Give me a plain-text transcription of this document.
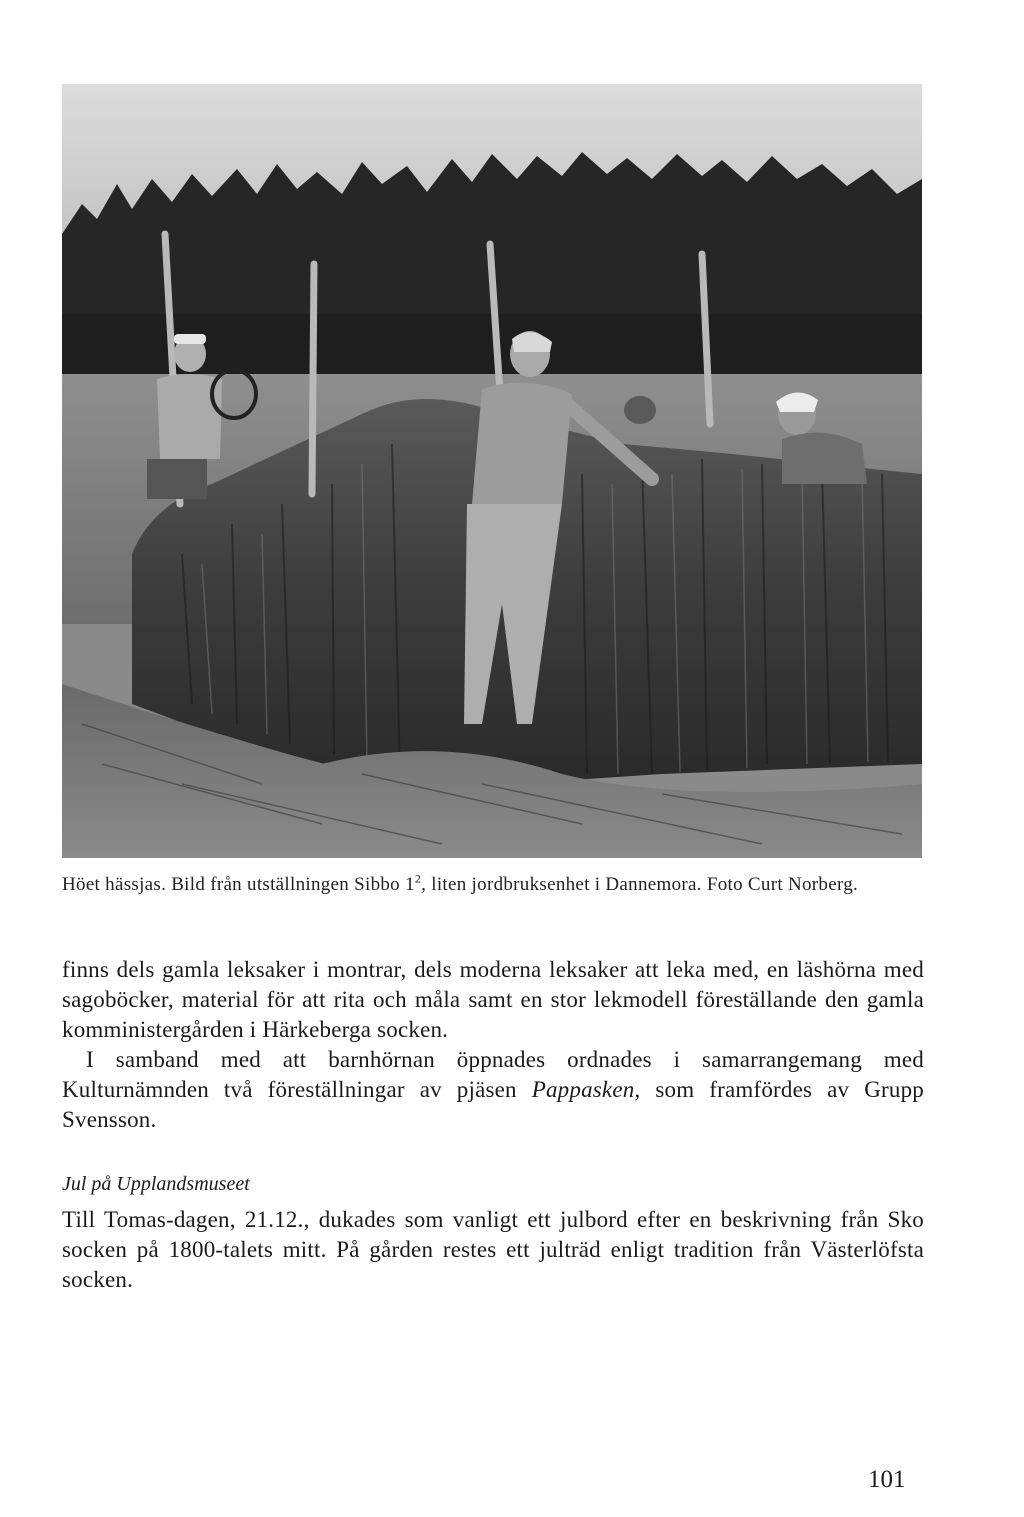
Höet hässjas. Bild från utställningen Sibbo $1^2$, liten jordbruksenhet i Dannemora. Foto Curt Norberg.
finns dels gamla leksaker i montrar, dels moderna leksaker att leka med, en läshörna med sagoböcker, material för att rita och måla samt en stor lekmodell föreställande den gamla komministergården i Härkeberga socken.
I samband med att barnhörnan öppnades ordnades i samarrangemang med Kulturnämnden två föreställningar av pjäsen Pappasken, som framfördes av Grupp Svensson.
Jul på Upplandsmuseet
Till Tomas-dagen, 21.12., dukades som vanligt ett julbord efter en beskrivning från Sko socken på 1800-talets mitt. På gården restes ett julträd enligt tradition från Västerlöfsta socken.
101
